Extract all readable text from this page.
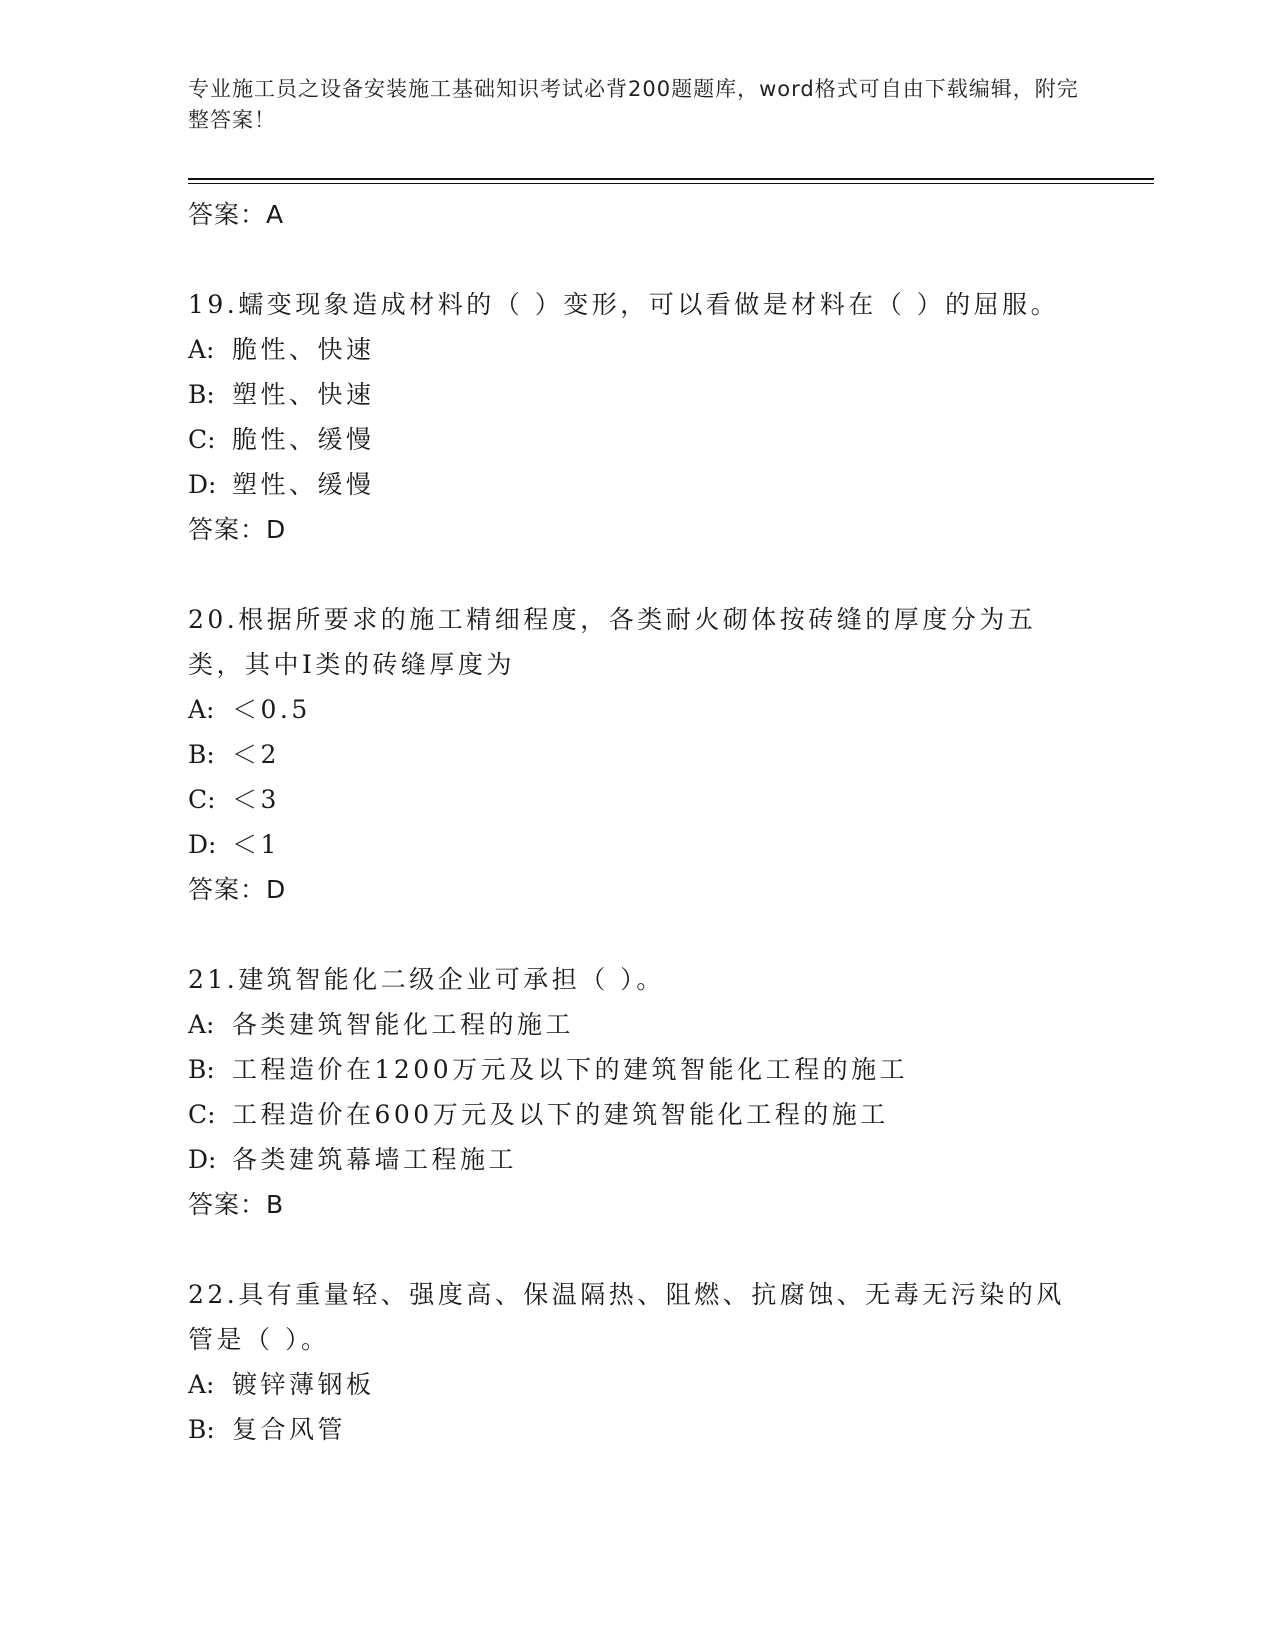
专业施工员之设备安装施工基础知识考试必背200题题库，word格式可自由下载编辑，附完整答案！
答案：A
19.蠕变现象造成材料的（ ）变形，可以看做是材料在（ ）的屈服。
A: 脆性、快速
B: 塑性、快速
C: 脆性、缓慢
D: 塑性、缓慢
答案：D
20.根据所要求的施工精细程度，各类耐火砌体按砖缝的厚度分为五类，其中Ⅰ类的砖缝厚度为
A: ＜0.5
B: ＜2
C: ＜3
D: ＜1
答案：D
21.建筑智能化二级企业可承担（ ）。
A: 各类建筑智能化工程的施工
B: 工程造价在1200万元及以下的建筑智能化工程的施工
C: 工程造价在600万元及以下的建筑智能化工程的施工
D: 各类建筑幕墙工程施工
答案：B
22.具有重量轻、强度高、保温隔热、阻燃、抗腐蚀、无毒无污染的风管是（ ）。
A: 镀锌薄钢板
B: 复合风管
